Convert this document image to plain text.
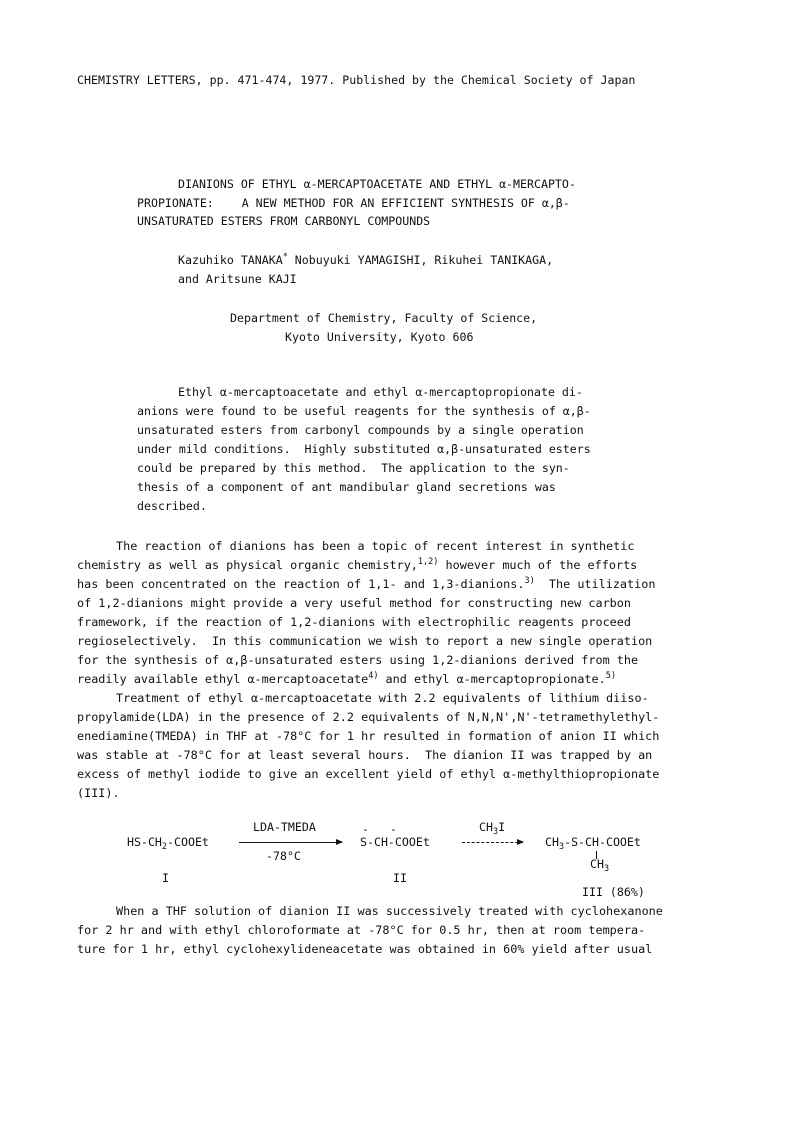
CHEMISTRY LETTERS, pp. 471-474, 1977. Published by the Chemical Society of Japan
DIANIONS OF ETHYL α-MERCAPTOACETATE AND ETHYL α-MERCAPTO-
PROPIONATE:    A NEW METHOD FOR AN EFFICIENT SYNTHESIS OF α,β-
UNSATURATED ESTERS FROM CARBONYL COMPOUNDS
Kazuhiko TANAKA* Nobuyuki YAMAGISHI, Rikuhei TANIKAGA,
and Aritsune KAJI
Department of Chemistry, Faculty of Science,
Kyoto University, Kyoto 606
Ethyl α-mercaptoacetate and ethyl α-mercaptopropionate di-
anions were found to be useful reagents for the synthesis of α,β-
unsaturated esters from carbonyl compounds by a single operation
under mild conditions.  Highly substituted α,β-unsaturated esters
could be prepared by this method.  The application to the syn-
thesis of a component of ant mandibular gland secretions was
described.
The reaction of dianions has been a topic of recent interest in synthetic
chemistry as well as physical organic chemistry,$^{1,2)}$ however much of the efforts
has been concentrated on the reaction of 1,1- and 1,3-dianions.$^{3)}$  The utilization
of 1,2-dianions might provide a very useful method for constructing new carbon
framework, if the reaction of 1,2-dianions with electrophilic reagents proceed
regioselectively.  In this communication we wish to report a new single operation
for the synthesis of α,β-unsaturated esters using 1,2-dianions derived from the
readily available ethyl α-mercaptoacetate$^{4)}$ and ethyl α-mercaptopropionate.$^{5)}$
Treatment of ethyl α-mercaptoacetate with 2.2 equivalents of lithium diiso-
propylamide(LDA) in the presence of 2.2 equivalents of N,N,N',N'-tetramethylethyl-
enediamine(TMEDA) in THF at -78°C for 1 hr resulted in formation of anion II which
was stable at -78°C for at least several hours.  The dianion II was trapped by an
excess of methyl iodide to give an excellent yield of ethyl α-methylthiopropionate
(III).
$HS-CH_2$-COOEt
LDA-TMEDA
-78°C
-   -
S-CH-COOEt
$CH_3I$
$CH_3-S-CH$-COOEt
$CH_3$
I	II
III (86%)
When a THF solution of dianion II was successively treated with cyclohexanone
for 2 hr and with ethyl chloroformate at -78°C for 0.5 hr, then at room tempera-
ture for 1 hr, ethyl cyclohexylideneacetate was obtained in 60% yield after usual
